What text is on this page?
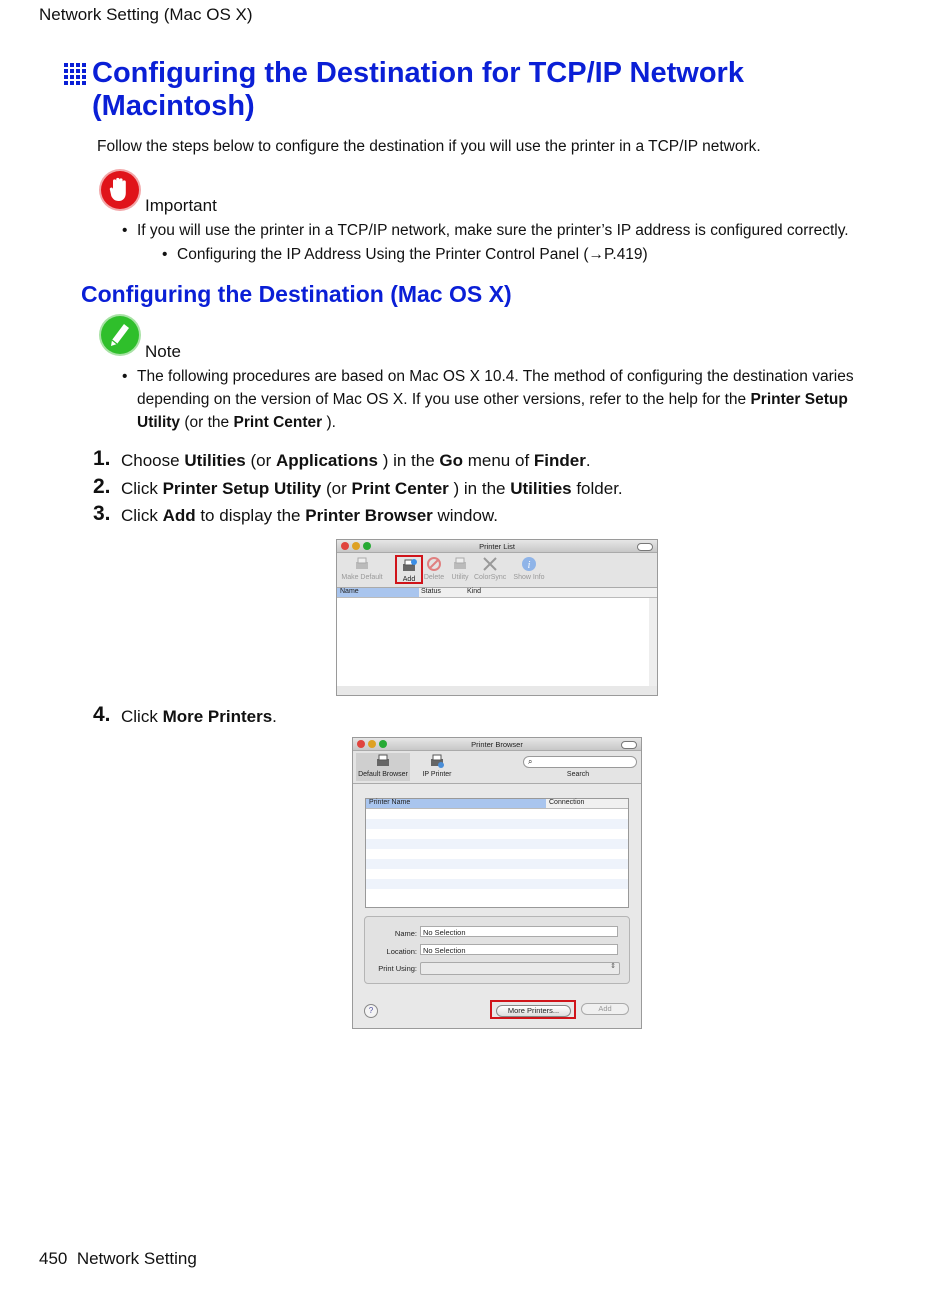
Network Setting (Mac OS X)
Configuring the Destination for TCP/IP Network
(Macintosh)
Follow the steps below to configure the destination if you will use the printer in a TCP/IP network.
Important
• If you will use the printer in a TCP/IP network, make sure the printer’s IP address is configured correctly.
• Configuring the IP Address Using the Printer Control Panel (→P.419)
Configuring the Destination (Mac OS X)
Note
• The following procedures are based on Mac OS X 10.4. The method of configuring the destination varies depending on the version of Mac OS X. If you use other versions, refer to the help for the Printer Setup Utility (or the Print Center ).
1. Choose Utilities (or Applications ) in the Go menu of Finder.
2. Click Printer Setup Utility (or Print Center ) in the Utilities folder.
3. Click Add to display the Printer Browser window.
Printer List
Make Default	Add	Delete	Utility ColorSync
i
Show Info
Name	Status	Kind
4. Click More Printers.
Printer Browser
Default Browser	IP Printer
⌕
Search
Printer Name	Connection
Name: No Selection
Location: No Selection
Print Using:	⇕
?	More Printers...	Add
450 Network Setting
